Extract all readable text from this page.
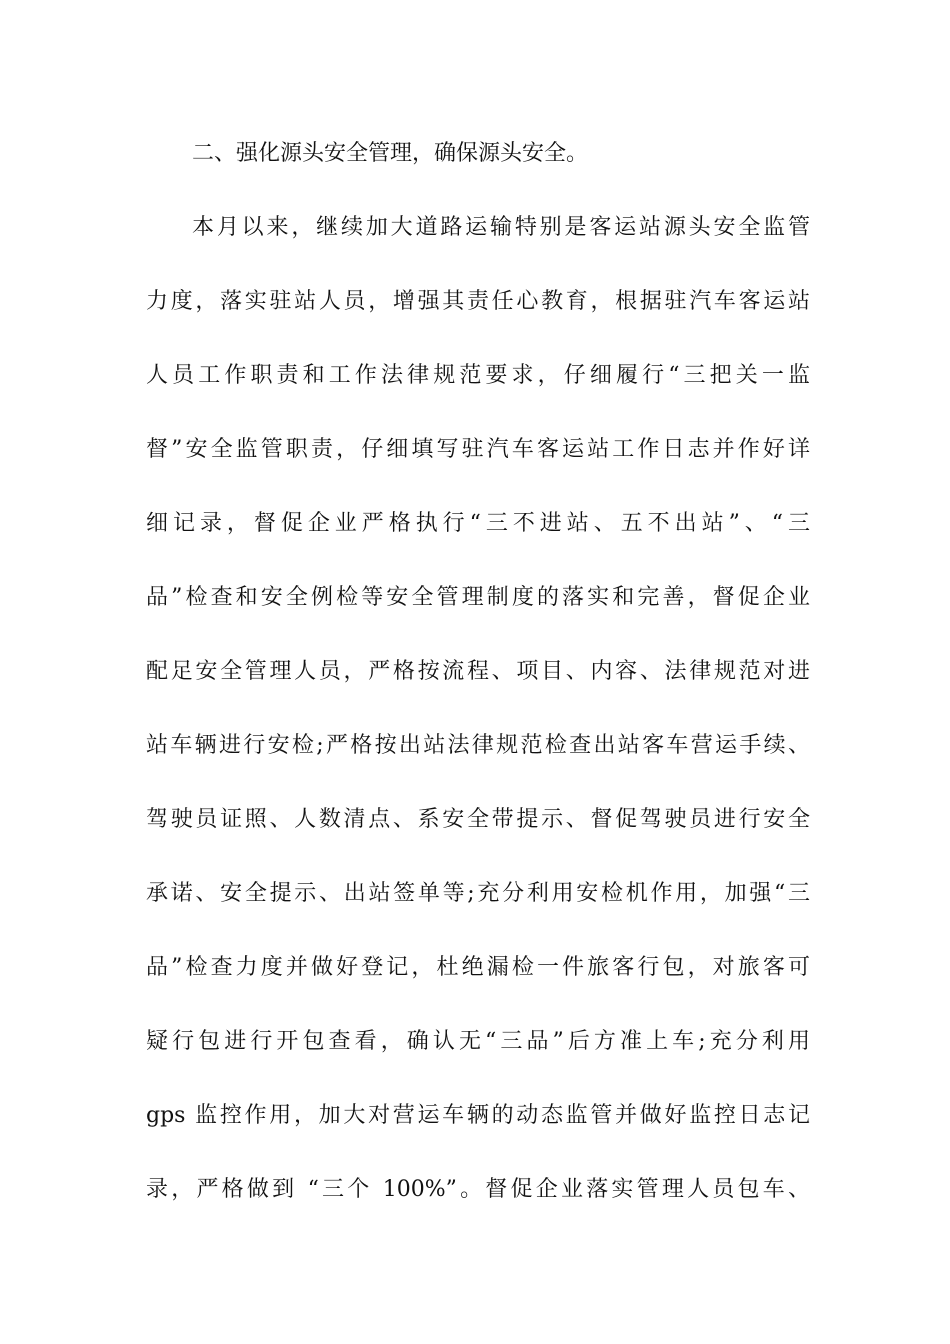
二、强化源头安全管理，确保源头安全。
本月以来，继续加大道路运输特别是客运站源头安全监管
力度，落实驻站人员，增强其责任心教育，根据驻汽车客运站
人员工作职责和工作法律规范要求，仔细履行“三把关一监
督”安全监管职责，仔细填写驻汽车客运站工作日志并作好详
细记录，督促企业严格执行“三不进站、五不出站”、“三
品”检查和安全例检等安全管理制度的落实和完善，督促企业
配足安全管理人员，严格按流程、项目、内容、法律规范对进
站车辆进行安检;严格按出站法律规范检查出站客车营运手续、
驾驶员证照、人数清点、系安全带提示、督促驾驶员进行安全
承诺、安全提示、出站签单等;充分利用安检机作用，加强“三
品”检查力度并做好登记，杜绝漏检一件旅客行包，对旅客可
疑行包进行开包查看，确认无“三品”后方准上车;充分利用
gps 监控作用，加大对营运车辆的动态监管并做好监控日志记
录，严格做到 “三个 100%”。督促企业落实管理人员包车、
